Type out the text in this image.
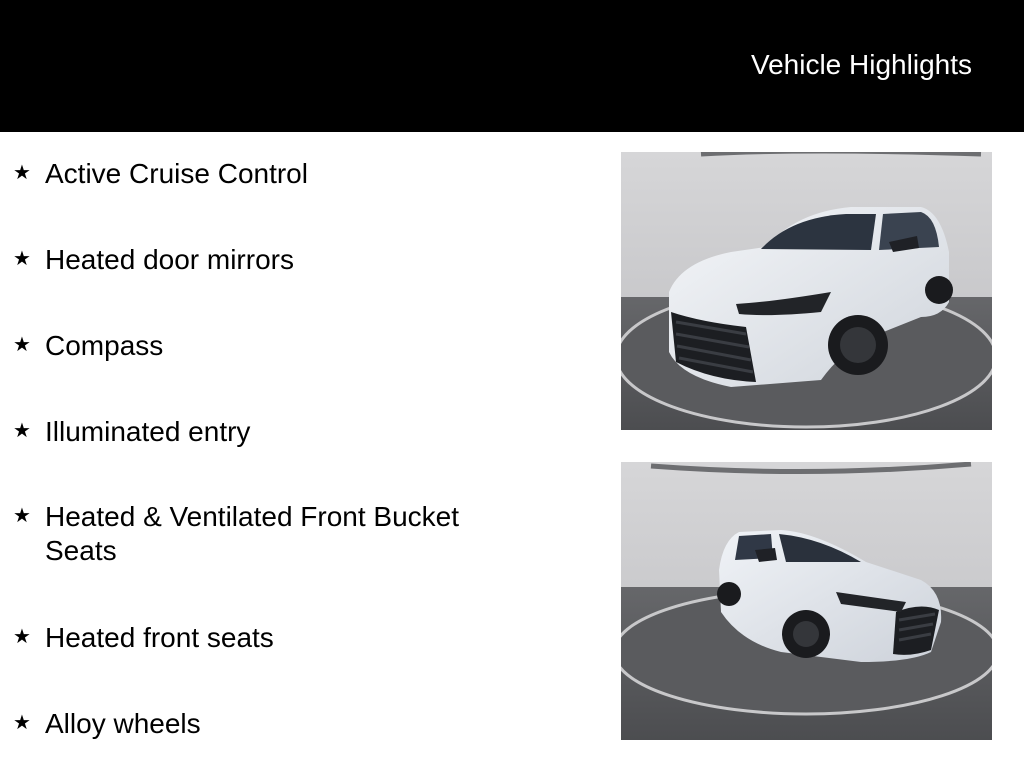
Vehicle Highlights
★ Active Cruise Control
★ Heated door mirrors
★ Compass
★ Illuminated entry
★ Heated & Ventilated Front Bucket Seats
★ Heated front seats
★ Alloy wheels
